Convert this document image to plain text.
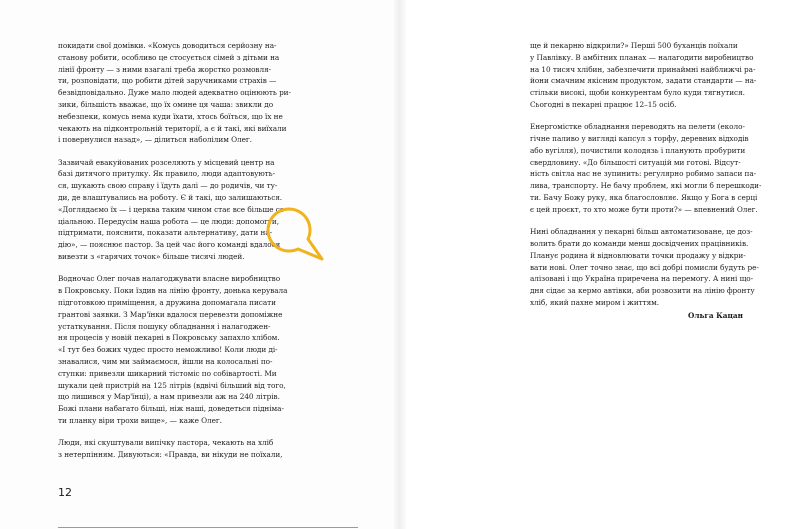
покидати свої домівки. «Комусь доводиться серйозну на-
станову робити, особливо це стосується сімей з дітьми на
лінії фронту — з ними взагалі треба жорстко розмовля-
ти, розповідати, що робити дітей заручниками страхів —
безвідповідально. Дуже мало людей адекватно оцінюють ри-
зики, більшість вважає, що їх омине ця чаша: звикли до
небезпеки, комусь нема куди їхати, хтось боїться, що їх не
чекають на підконтрольній території, а є й такі, які виїхали
і повернулися назад», — ділиться наболілим Олег.

Зазвичай евакуйованих розселяють у місцевий центр на
базі дитячого притулку. Як правило, люди адаптовують-
ся, шукають свою справу і їдуть далі — до родичів, чи ту-
ди, де влаштувались на роботу. Є й такі, що залишаються.
«Доглядаємо їх — і церква таким чином стає все більше со-
ціальною. Передусім наша робота — це люди: допомогти,
підтримати, пояснити, показати альтернативу, дати на-
дію», — пояснює пастор. За цей час його команді вдалося
вивезти з «гарячих точок» більше тисячі людей.

Водночас Олег почав налагоджувати власне виробництво
в Покровську. Поки їздив на лінію фронту, донька керувала
підготовкою приміщення, а дружина допомагала писати
грантові заявки. З Мар'їнки вдалося перевезти допоміжне
устаткування. Після пошуку обладнання і налагоджен-
ня процесів у новій пекарні в Покровську запахло хлібом.
«І тут без божих чудес просто неможливо! Коли люди ді-
знавалися, чим ми займаємося, йшли на колосальні по-
ступки: привезли шикарний тістоміс по собівартості. Ми
шукали цей пристрій на 125 літрів (вдвічі більший від того,
що лишився у Мар'їнці), а нам привезли аж на 240 літрів.
Божі плани набагато більші, ніж наші, доведеться підніма-
ти планку віри трохи вище», — каже Олег.

Люди, які скуштували випічку пастора, чекають на хліб
з нетерпінням. Дивуються: «Правда, ви нікуди не поїхали,

ще й пекарню відкрили?» Перші 500 буханців поїхали
у Павлівку. В амбітних планах — налагодити виробництво
на 10 тисяч хлібин, забезпечити принаймні найближчі ра-
йони смачним якісним продуктом, задати стандарти — на-
стільки високі, щоби конкурентам було куди тягнутися.
Сьогодні в пекарні працює 12–15 осіб.

Енергомістке обладнання переводять на пелети (еколо-
гічне паливо у вигляді капсул з торфу, деревних відходів
або вугілля), почистили колодязь і планують пробурити
свердловину. «До більшості ситуацій ми готові. Відсут-
ність світла нас не зупинить: регулярно робимо запаси па-
лива, транспорту. Не бачу проблем, які могли б перешкоди-
ти. Бачу Божу руку, яка благословляє. Якщо у Бога в серці
є цей проєкт, то хто може бути проти?» — впевнений Олег.

Нині обладнання у пекарні більш автоматизоване, це доз-
волить брати до команди менш досвідчених працівників.
Планує родина й відновлювати точки продажу у відкри-
вати нові. Олег точно знає, що всі добрі помисли будуть ре-
алізовані і що Україна приречена на перемогу. А нині що-
дня сідає за кермо автівки, аби розвозити на лінію фронту
хліб, який пахне миром і життям.

Ольга Кацан
12
